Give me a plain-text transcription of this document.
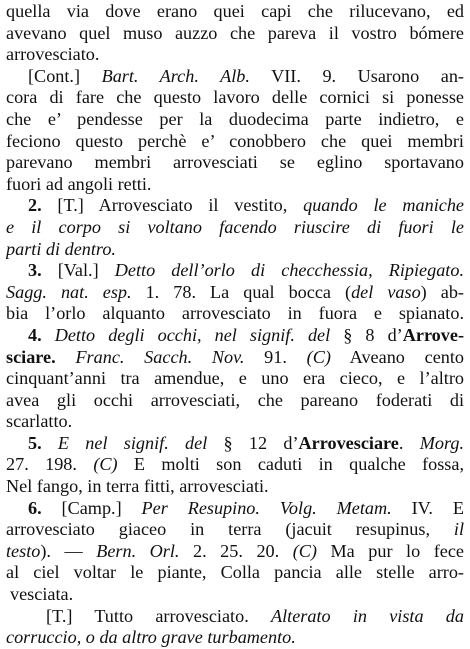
quella via dove erano quei capi che rilucevano, ed
avevano quel muso auzzo che pareva il vostro bómere
arrovesciato.
[Cont.] Bart. Arch. Alb. VII. 9. Usarono an-
cora di fare che questo lavoro delle cornici si ponesse
che e’ pendesse per la duodecima parte indietro, e
feciono questo perchè e’ conobbero che quei membri
parevano membri arrovesciati se eglino sportavano
fuori ad angoli retti.
2. [T.] Arrovesciato il vestito, quando le maniche
e il corpo si voltano facendo riuscire di fuori le
parti di dentro.
3. [Val.] Detto dell’orlo di checchessia, Ripiegato.
Sagg. nat. esp. 1. 78. La qual bocca (del vaso) ab-
bia l’orlo alquanto arrovesciato in fuora e spianato.
4. Detto degli occhi, nel signif. del § 8 d’Arrove-
sciare. Franc. Sacch. Nov. 91. (C) Aveano cento
cinquant’anni tra amendue, e uno era cieco, e l’altro
avea gli occhi arrovesciati, che pareano foderati di
scarlatto.
5. E nel signif. del § 12 d’Arrovesciare. Morg.
27. 198. (C) E molti son caduti in qualche fossa,
Nel fango, in terra fitti, arrovesciati.
6. [Camp.] Per Resupino. Volg. Metam. IV. E
arrovesciato giaceo in terra (jacuit resupinus, il
testo). — Bern. Orl. 2. 25. 20. (C) Ma pur lo fece
al ciel voltar le piante, Colla pancia alle stelle arro-
vesciata.
[T.] Tutto arrovesciato. Alterato in vista da
corruccio, o da altro grave turbamento.
